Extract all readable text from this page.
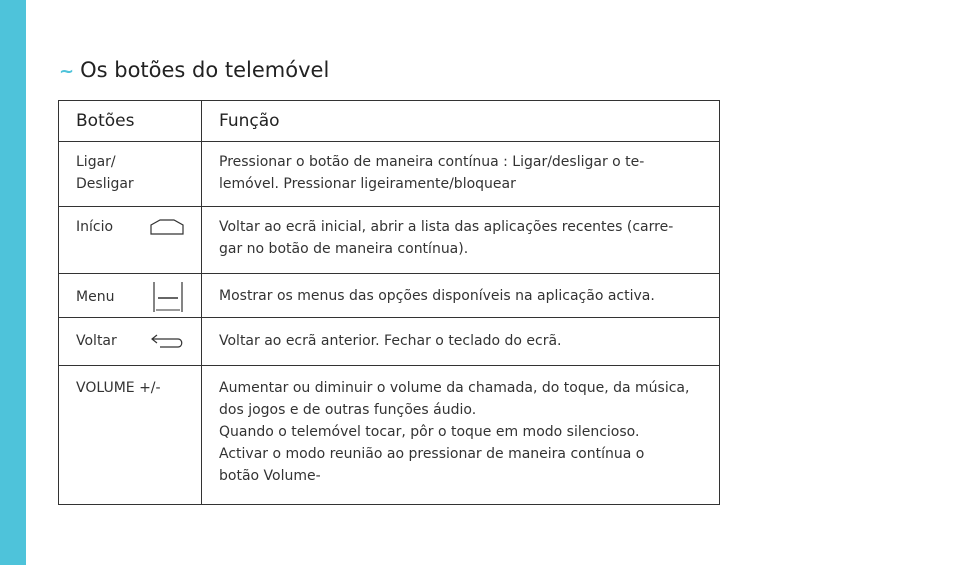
~ Os botões do telemóvel
Botões	Função

Ligar/
Desligar	Pressionar o botão de maneira contínua : Ligar/desligar o te-
lemóvel. Pressionar ligeiramente/bloquear

Início	Voltar ao ecrã inicial, abrir a lista das aplicações recentes (carre-
gar no botão de maneira contínua).

Menu	Mostrar os menus das opções disponíveis na aplicação activa.

Voltar	Voltar ao ecrã anterior. Fechar o teclado do ecrã.

VOLUME +/-	Aumentar ou diminuir o volume da chamada, do toque, da música,
dos jogos e de outras funções áudio.
Quando o telemóvel tocar, pôr o toque em modo silencioso.
Activar o modo reunião ao pressionar de maneira contínua o
botão Volume-
